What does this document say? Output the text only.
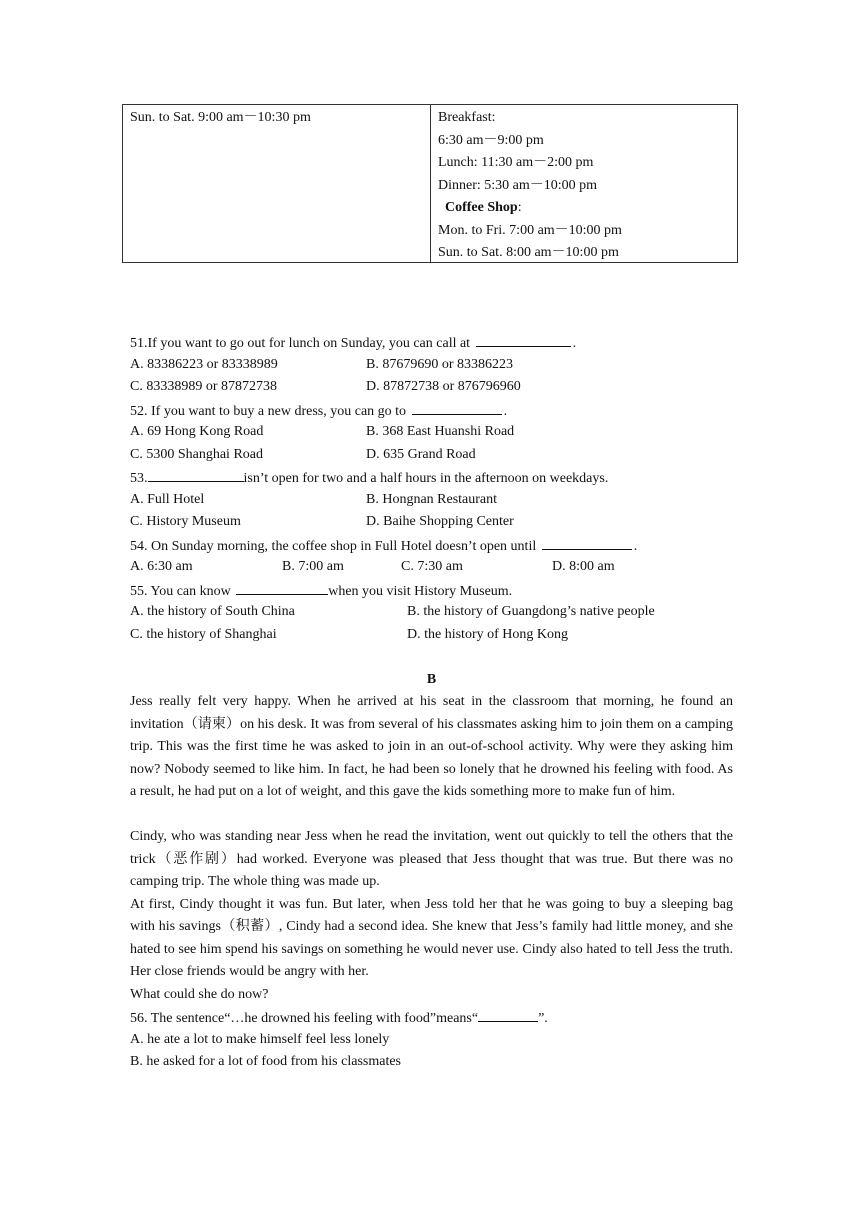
Sun. to Sat. 9:00 am－10:30 pm	Breakfast:
6:30 am－9:00 pm
Lunch: 11:30 am－2:00 pm
Dinner: 5:30 am－10:00 pm
Coffee Shop:
Mon. to Fri. 7:00 am－10:00 pm
Sun. to Sat. 8:00 am－10:00 pm
51.If you want to go out for lunch on Sunday, you can call at	.
A. 83386223 or 83338989	B. 87679690 or 83386223
C. 83338989 or 87872738	D. 87872738 or 876796960
52. If you want to buy a new dress, you can go to	.
A. 69 Hong Kong Road	B. 368 East Huanshi Road
C. 5300 Shanghai Road	D. 635 Grand Road
53.	isn’t open for two and a half hours in the afternoon on weekdays.
A. Full Hotel	B. Hongnan Restaurant
C. History Museum	D. Baihe Shopping Center
54. On Sunday morning, the coffee shop in Full Hotel doesn’t open until	.
A. 6:30 am	B. 7:00 am	C. 7:30 am	D. 8:00 am
55. You can know	when you visit History Museum.
A. the history of South China	B. the history of Guangdong’s native people
C. the history of Shanghai	D. the history of Hong Kong
B
Jess really felt very happy. When he arrived at his seat in the classroom that morning, he found an invitation（请柬）on his desk. It was from several of his classmates asking him to join them on a camping trip. This was the first time he was asked to join in an out-of-school activity. Why were they asking him now? Nobody seemed to like him. In fact, he had been so lonely that he drowned his feeling with food. As a result, he had put on a lot of weight, and this gave the kids something more to make fun of him.
Cindy, who was standing near Jess when he read the invitation, went out quickly to tell the others that the trick（恶作剧）had worked. Everyone was pleased that Jess thought that was true. But there was no camping trip. The whole thing was made up.
At first, Cindy thought it was fun. But later, when Jess told her that he was going to buy a sleeping bag with his savings（积蓄）, Cindy had a second idea. She knew that Jess’s family had little money, and she hated to see him spend his savings on something he would never use. Cindy also hated to tell Jess the truth. Her close friends would be angry with her.
What could she do now?
56. The sentence“…he drowned his feeling with food”means“	”.
A. he ate a lot to make himself feel less lonely
B. he asked for a lot of food from his classmates
